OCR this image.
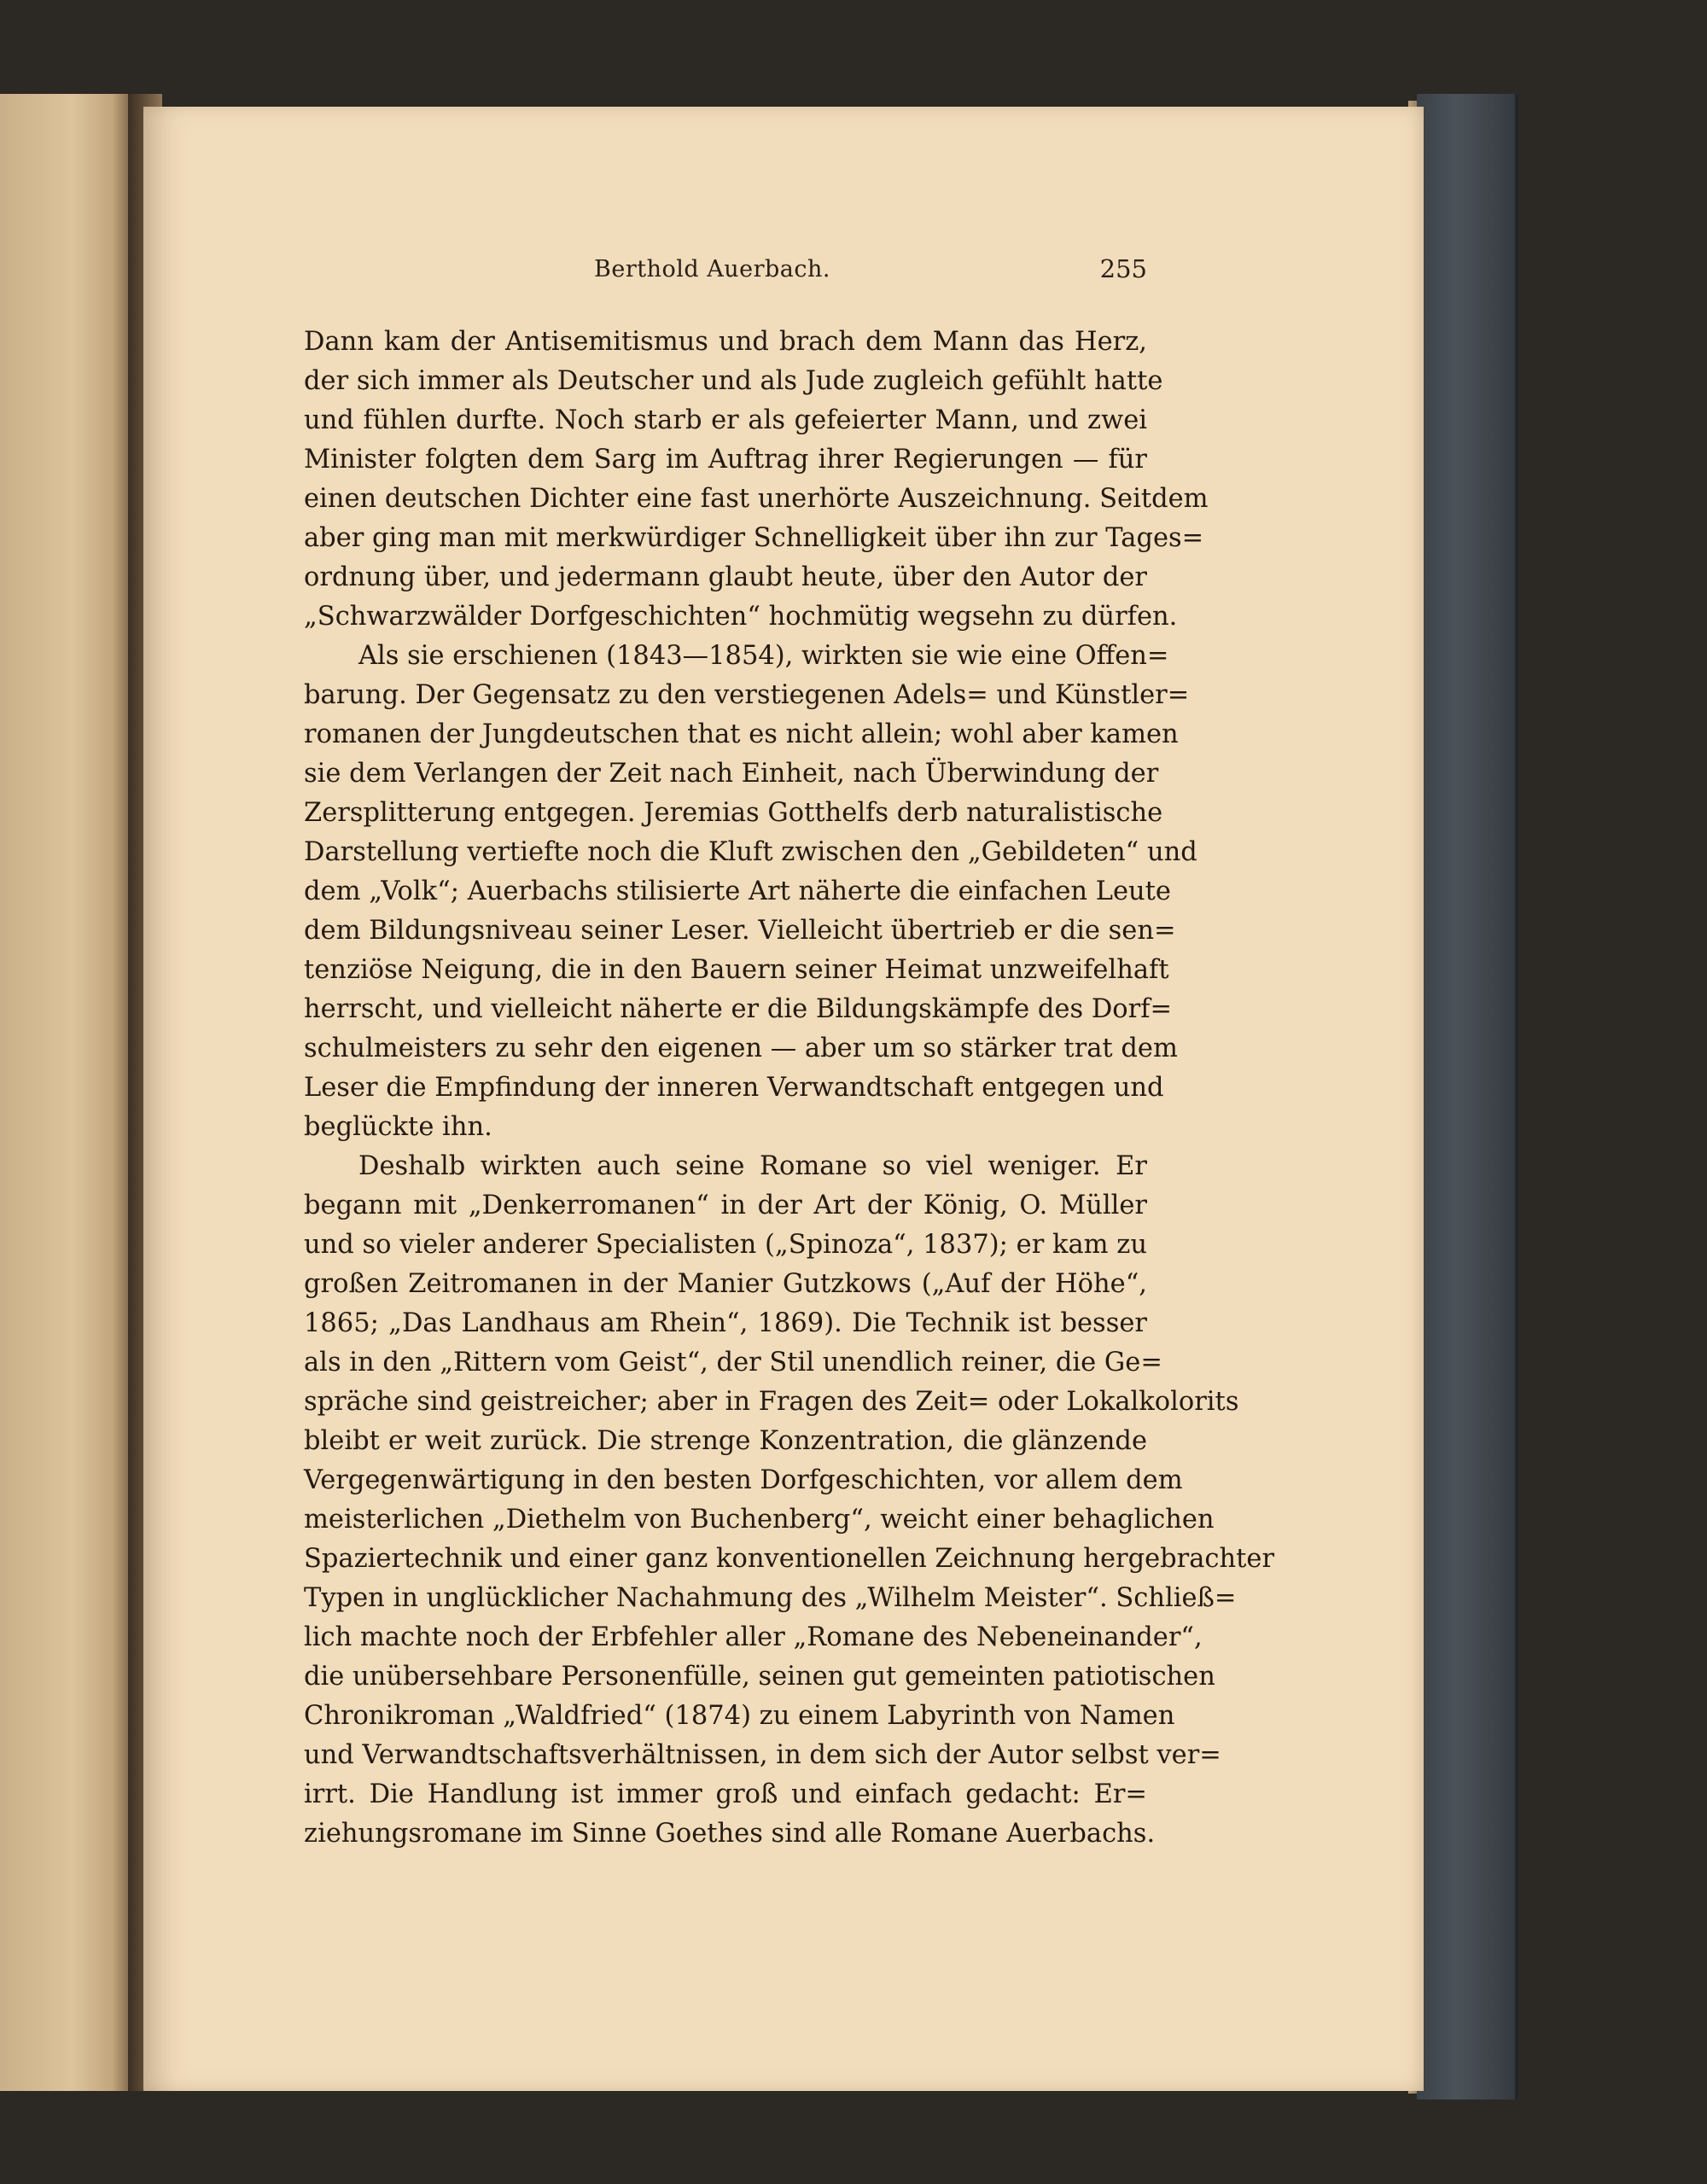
Berthold Auerbach.	255
Dann kam der Antisemitismus und brach dem Mann das Herz,
der sich immer als Deutscher und als Jude zugleich gefühlt hatte
und fühlen durfte. Noch starb er als gefeierter Mann, und zwei
Minister folgten dem Sarg im Auftrag ihrer Regierungen — für
einen deutschen Dichter eine fast unerhörte Auszeichnung. Seitdem
aber ging man mit merkwürdiger Schnelligkeit über ihn zur Tages=
ordnung über, und jedermann glaubt heute, über den Autor der
„Schwarzwälder Dorfgeschichten“ hochmütig wegsehn zu dürfen.
Als sie erschienen (1843—1854), wirkten sie wie eine Offen=
barung. Der Gegensatz zu den verstiegenen Adels= und Künstler=
romanen der Jungdeutschen that es nicht allein; wohl aber kamen
sie dem Verlangen der Zeit nach Einheit, nach Überwindung der
Zersplitterung entgegen. Jeremias Gotthelfs derb naturalistische
Darstellung vertiefte noch die Kluft zwischen den „Gebildeten“ und
dem „Volk“; Auerbachs stilisierte Art näherte die einfachen Leute
dem Bildungsniveau seiner Leser. Vielleicht übertrieb er die sen=
tenziöse Neigung, die in den Bauern seiner Heimat unzweifelhaft
herrscht, und vielleicht näherte er die Bildungskämpfe des Dorf=
schulmeisters zu sehr den eigenen — aber um so stärker trat dem
Leser die Empfindung der inneren Verwandtschaft entgegen und
beglückte ihn.
Deshalb wirkten auch seine Romane so viel weniger. Er
begann mit „Denkerromanen“ in der Art der König, O. Müller
und so vieler anderer Specialisten („Spinoza“, 1837); er kam zu
großen Zeitromanen in der Manier Gutzkows („Auf der Höhe“,
1865; „Das Landhaus am Rhein“, 1869). Die Technik ist besser
als in den „Rittern vom Geist“, der Stil unendlich reiner, die Ge=
spräche sind geistreicher; aber in Fragen des Zeit= oder Lokalkolorits
bleibt er weit zurück. Die strenge Konzentration, die glänzende
Vergegenwärtigung in den besten Dorfgeschichten, vor allem dem
meisterlichen „Diethelm von Buchenberg“, weicht einer behaglichen
Spaziertechnik und einer ganz konventionellen Zeichnung hergebrachter
Typen in unglücklicher Nachahmung des „Wilhelm Meister“. Schließ=
lich machte noch der Erbfehler aller „Romane des Nebeneinander“,
die unübersehbare Personenfülle, seinen gut gemeinten patiotischen
Chronikroman „Waldfried“ (1874) zu einem Labyrinth von Namen
und Verwandtschaftsverhältnissen, in dem sich der Autor selbst ver=
irrt. Die Handlung ist immer groß und einfach gedacht: Er=
ziehungsromane im Sinne Goethes sind alle Romane Auerbachs.
